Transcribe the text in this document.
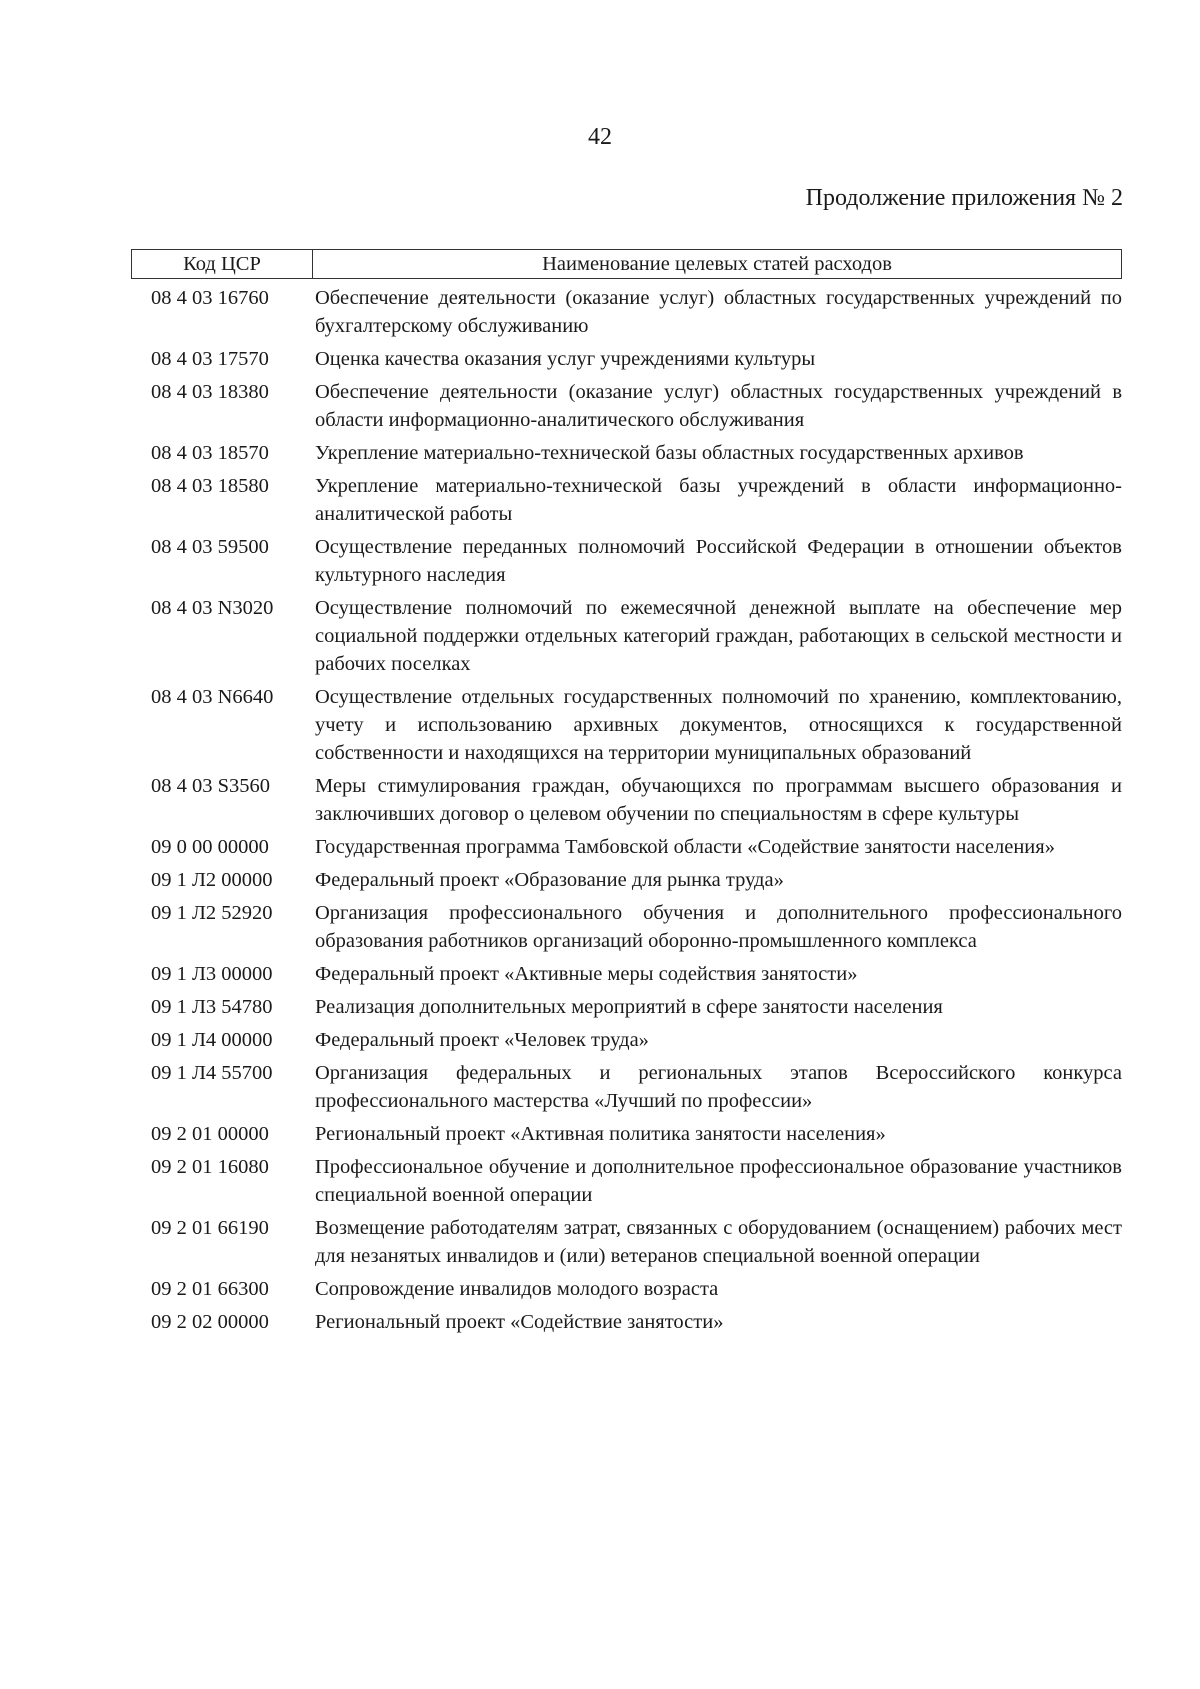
42
Продолжение приложения № 2
Код ЦСР	Наименование целевых статей расходов
08 4 03 16760	Обеспечение деятельности (оказание услуг) областных государственных учреждений по бухгалтерскому обслуживанию
08 4 03 17570	Оценка качества оказания услуг учреждениями культуры
08 4 03 18380	Обеспечение деятельности (оказание услуг) областных государственных учреждений в области информационно-аналитического обслуживания
08 4 03 18570	Укрепление материально-технической базы областных государственных архивов
08 4 03 18580	Укрепление материально-технической базы учреждений в области информационно-аналитической работы
08 4 03 59500	Осуществление переданных полномочий Российской Федерации в отношении объектов культурного наследия
08 4 03 N3020	Осуществление полномочий по ежемесячной денежной выплате на обеспечение мер социальной поддержки отдельных категорий граждан, работающих в сельской местности и рабочих поселках
08 4 03 N6640	Осуществление отдельных государственных полномочий по хранению, комплектованию, учету и использованию архивных документов, относящихся к государственной собственности и находящихся на территории муниципальных образований
08 4 03 S3560	Меры стимулирования граждан, обучающихся по программам высшего образования и заключивших договор о целевом обучении по специальностям в сфере культуры
09 0 00 00000	Государственная программа Тамбовской области «Содействие занятости населения»
09 1 Л2 00000	Федеральный проект «Образование для рынка труда»
09 1 Л2 52920	Организация профессионального обучения и дополнительного профессионального образования работников организаций оборонно-промышленного комплекса
09 1 Л3 00000	Федеральный проект «Активные меры содействия занятости»
09 1 Л3 54780	Реализация дополнительных мероприятий в сфере занятости населения
09 1 Л4 00000	Федеральный проект «Человек труда»
09 1 Л4 55700	Организация федеральных и региональных этапов Всероссийского конкурса профессионального мастерства «Лучший по профессии»
09 2 01 00000	Региональный проект «Активная политика занятости населения»
09 2 01 16080	Профессиональное обучение и дополнительное профессиональное образование участников специальной военной операции
09 2 01 66190	Возмещение работодателям затрат, связанных с оборудованием (оснащением) рабочих мест для незанятых инвалидов и (или) ветеранов специальной военной операции
09 2 01 66300	Сопровождение инвалидов молодого возраста
09 2 02 00000	Региональный проект «Содействие занятости»
